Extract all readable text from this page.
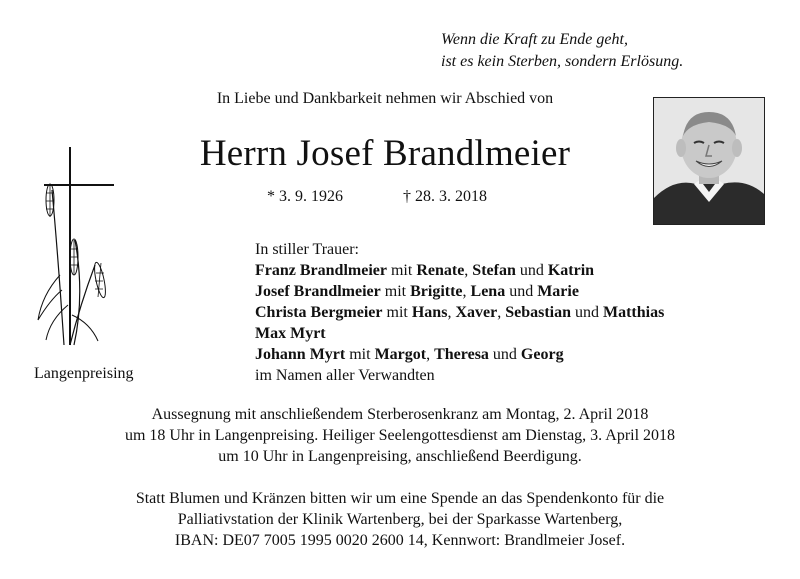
Wenn die Kraft zu Ende geht,
ist es kein Sterben, sondern Erlösung.
In Liebe und Dankbarkeit nehmen wir Abschied von
Herrn Josef Brandlmeier
* 3. 9. 1926	† 28. 3. 2018
In stiller Trauer:
Franz Brandlmeier mit Renate, Stefan und Katrin
Josef Brandlmeier mit Brigitte, Lena und Marie
Christa Bergmeier mit Hans, Xaver, Sebastian und Matthias
Max Myrt
Johann Myrt mit Margot, Theresa und Georg
im Namen aller Verwandten
Langenpreising
Aussegnung mit anschließendem Sterberosenkranz am Montag, 2. April 2018
um 18 Uhr in Langenpreising. Heiliger Seelengottesdienst am Dienstag, 3. April 2018
um 10 Uhr in Langenpreising, anschließend Beerdigung.
Statt Blumen und Kränzen bitten wir um eine Spende an das Spendenkonto für die
Palliativstation der Klinik Wartenberg, bei der Sparkasse Wartenberg,
IBAN: DE07 7005 1995 0020 2600 14, Kennwort: Brandlmeier Josef.
